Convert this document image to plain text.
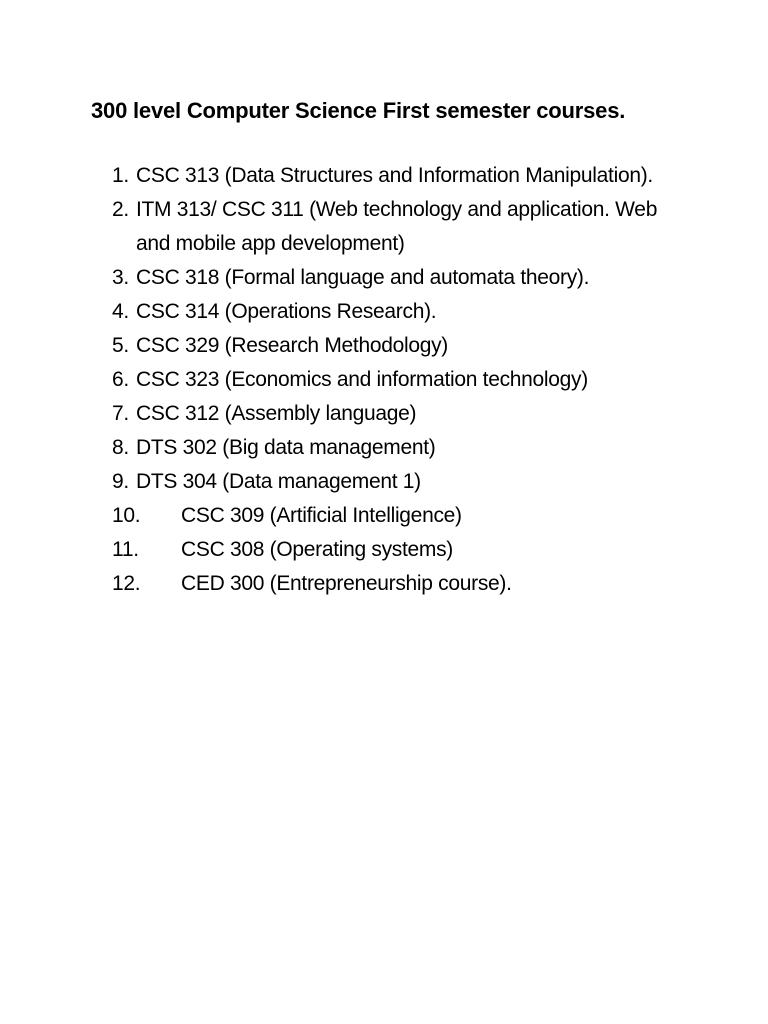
300 level Computer Science First semester courses.
1. CSC 313 (Data Structures and Information Manipulation).
2. ITM 313/ CSC 311 (Web technology and application. Web and mobile app development)
3. CSC 318 (Formal language and automata theory).
4. CSC 314 (Operations Research).
5. CSC 329 (Research Methodology)
6. CSC 323 (Economics and information technology)
7. CSC 312 (Assembly language)
8. DTS 302 (Big data management)
9. DTS 304 (Data management 1)
10.	CSC 309 (Artificial Intelligence)
11.	CSC 308 (Operating systems)
12.	CED 300 (Entrepreneurship course).
